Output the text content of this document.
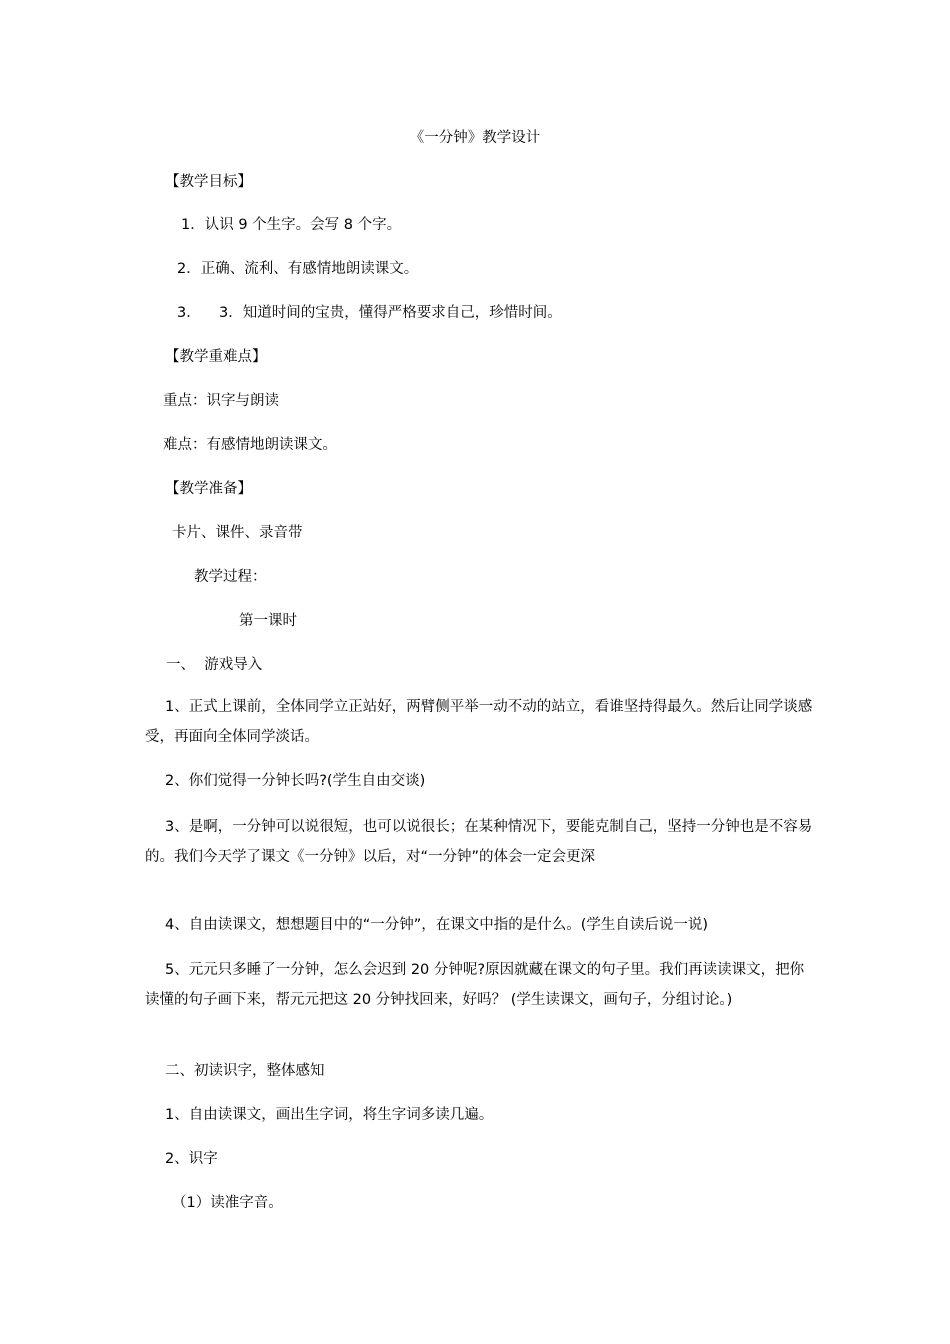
《一分钟》教学设计
【教学目标】
1．认识 9 个生字。会写 8 个字。
2．正确、流利、有感情地朗读课文。
3． 3．知道时间的宝贵，懂得严格要求自己，珍惜时间。
【教学重难点】
重点：识字与朗读
难点：有感情地朗读课文。
【教学准备】
卡片、课件、录音带
教学过程：
第一课时
一、  游戏导入
1、正式上课前，全体同学立正站好，两臂侧平举一动不动的站立，看谁坚持得最久。然后让同学谈感受，再面向全体同学淡话。
2、你们觉得一分钟长吗?(学生自由交谈)
3、是啊，一分钟可以说很短，也可以说很长；在某种情况下，要能克制自己，坚持一分钟也是不容易的。我们今天学了课文《一分钟》以后，对“一分钟”的体会一定会更深
4、自由读课文，想想题目中的“一分钟”，在课文中指的是什么。(学生自读后说一说)
5、元元只多睡了一分钟，怎么会迟到 20 分钟呢?原因就藏在课文的句子里。我们再读读课文，把你读懂的句子画下来，帮元元把这 20 分钟找回来，好吗？ (学生读课文，画句子，分组讨论。)
二、初读识字，整体感知
1、自由读课文，画出生字词，将生字词多读几遍。
2、识字
（1）读准字音。
